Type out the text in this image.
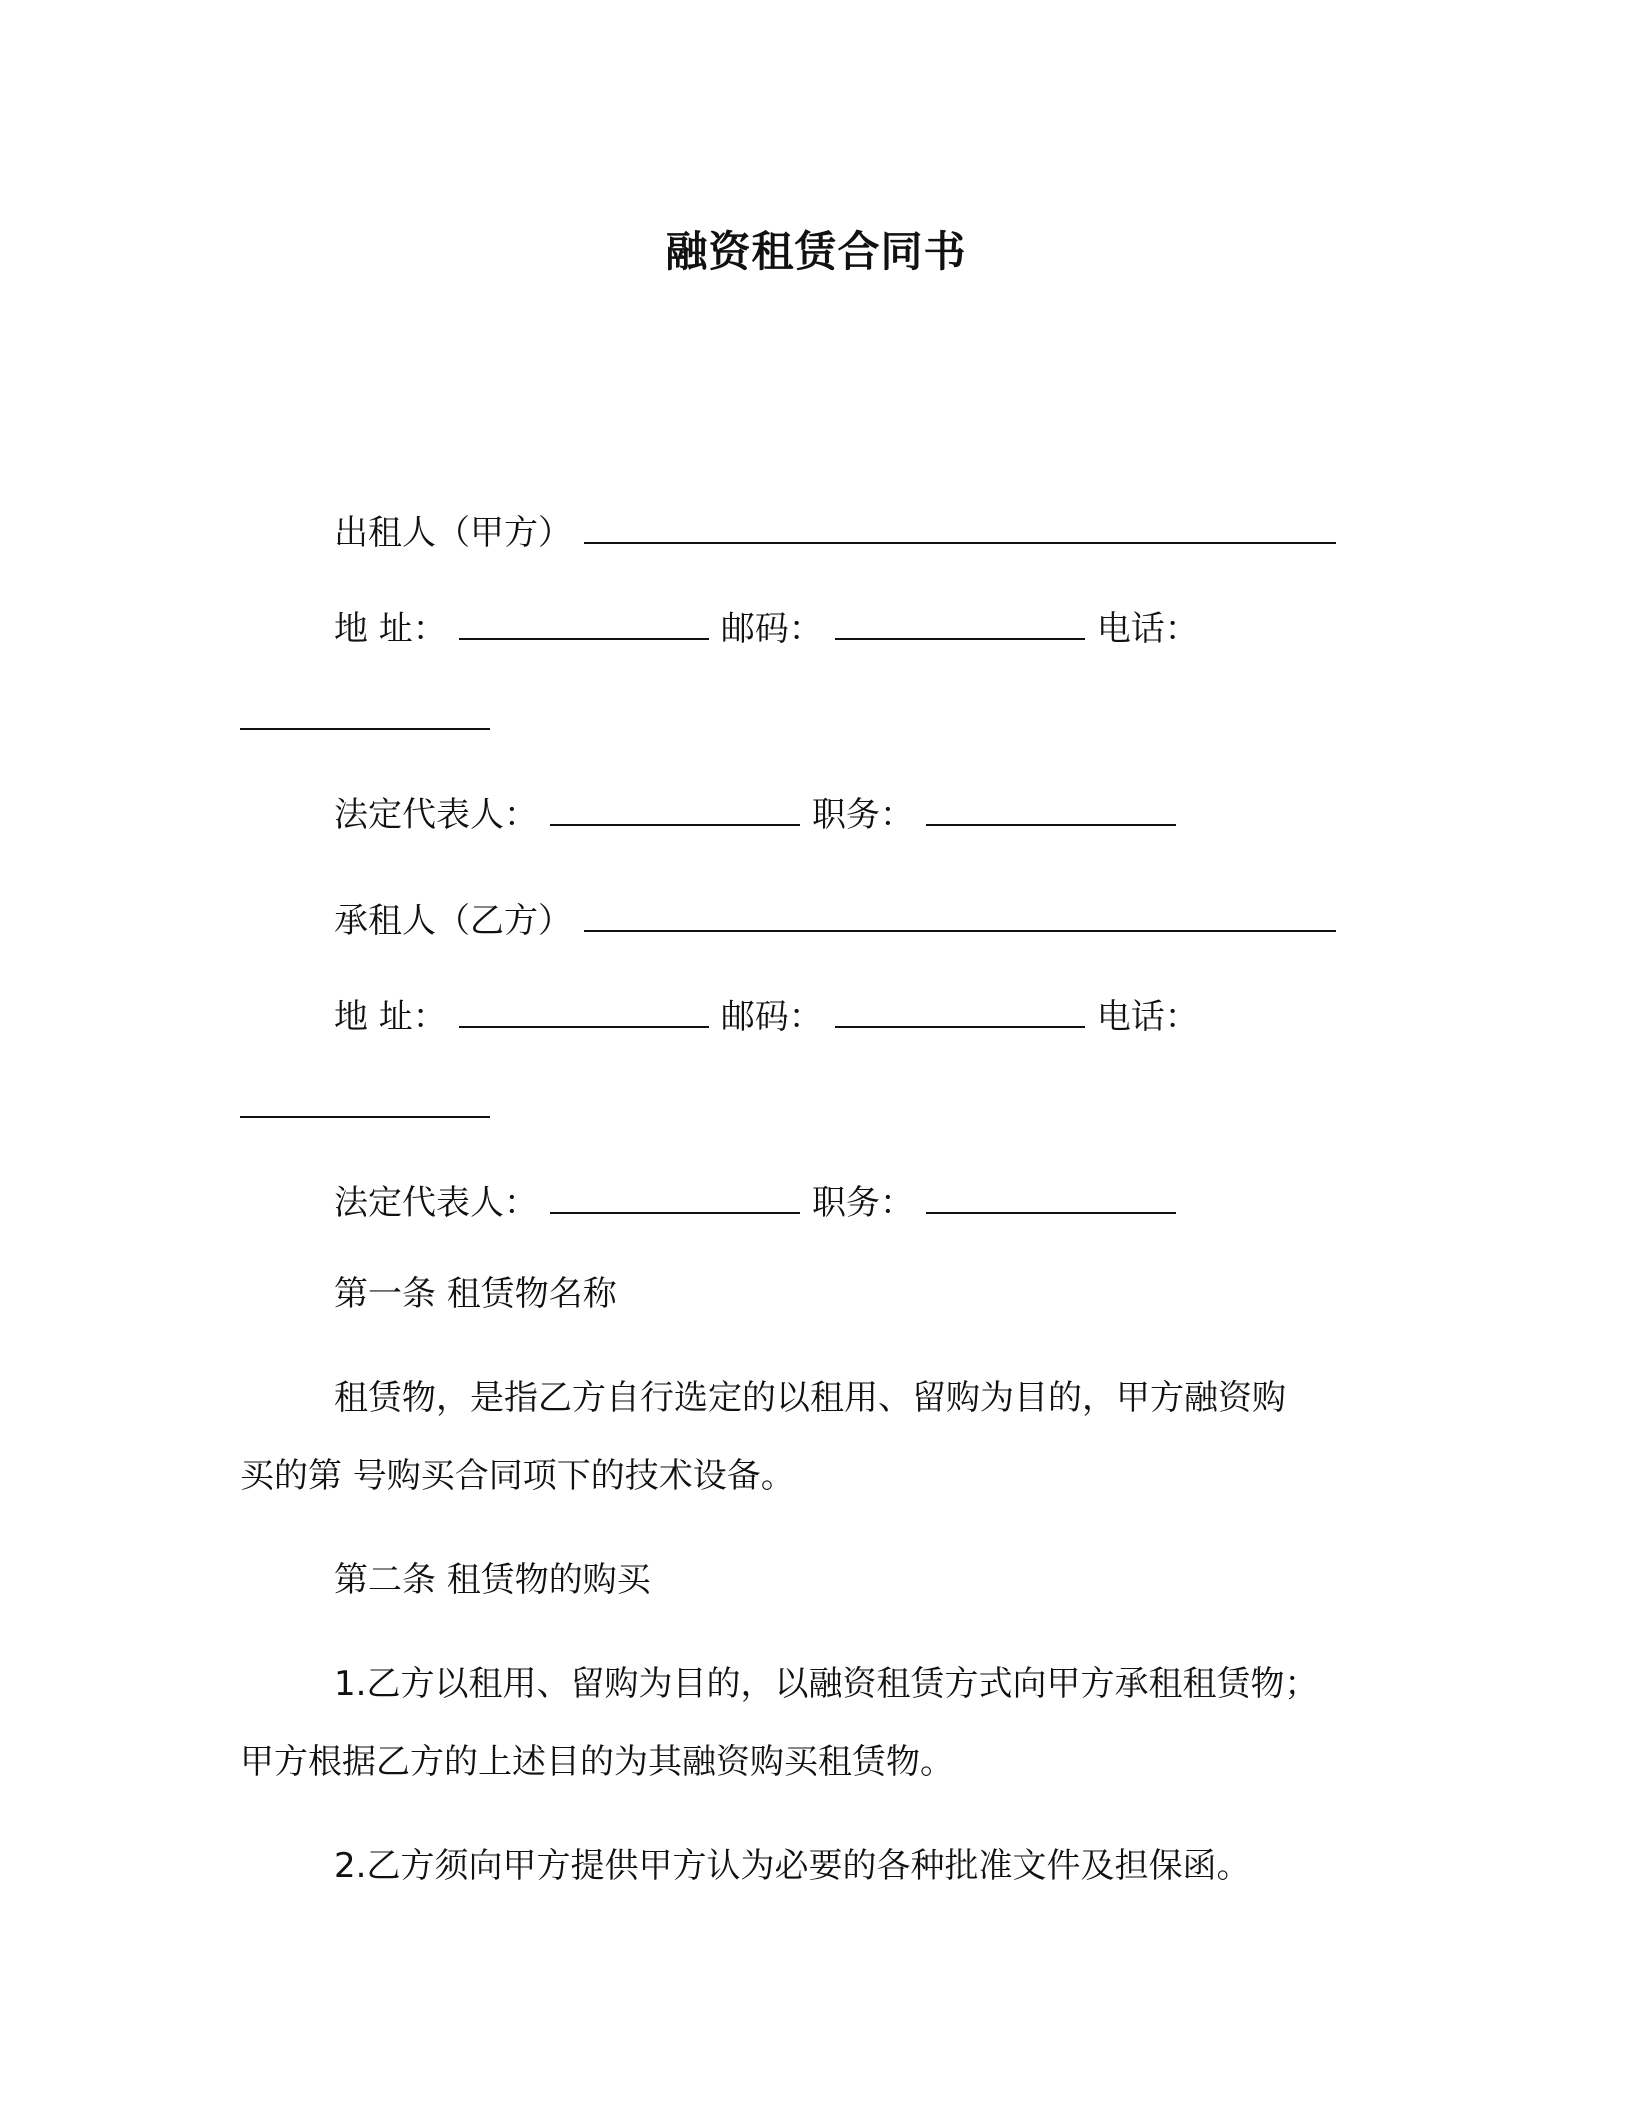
融资租赁合同书
出租人（甲方）
地 址：	邮码：	电话：
法定代表人：	职务：
承租人（乙方）
地 址：	邮码：	电话：
法定代表人：	职务：
第一条 租赁物名称
租赁物，是指乙方自行选定的以租用、留购为目的，甲方融资购
买的第 号购买合同项下的技术设备。
第二条 租赁物的购买
1.乙方以租用、留购为目的，以融资租赁方式向甲方承租租赁物；
甲方根据乙方的上述目的为其融资购买租赁物。
2.乙方须向甲方提供甲方认为必要的各种批准文件及担保函。
